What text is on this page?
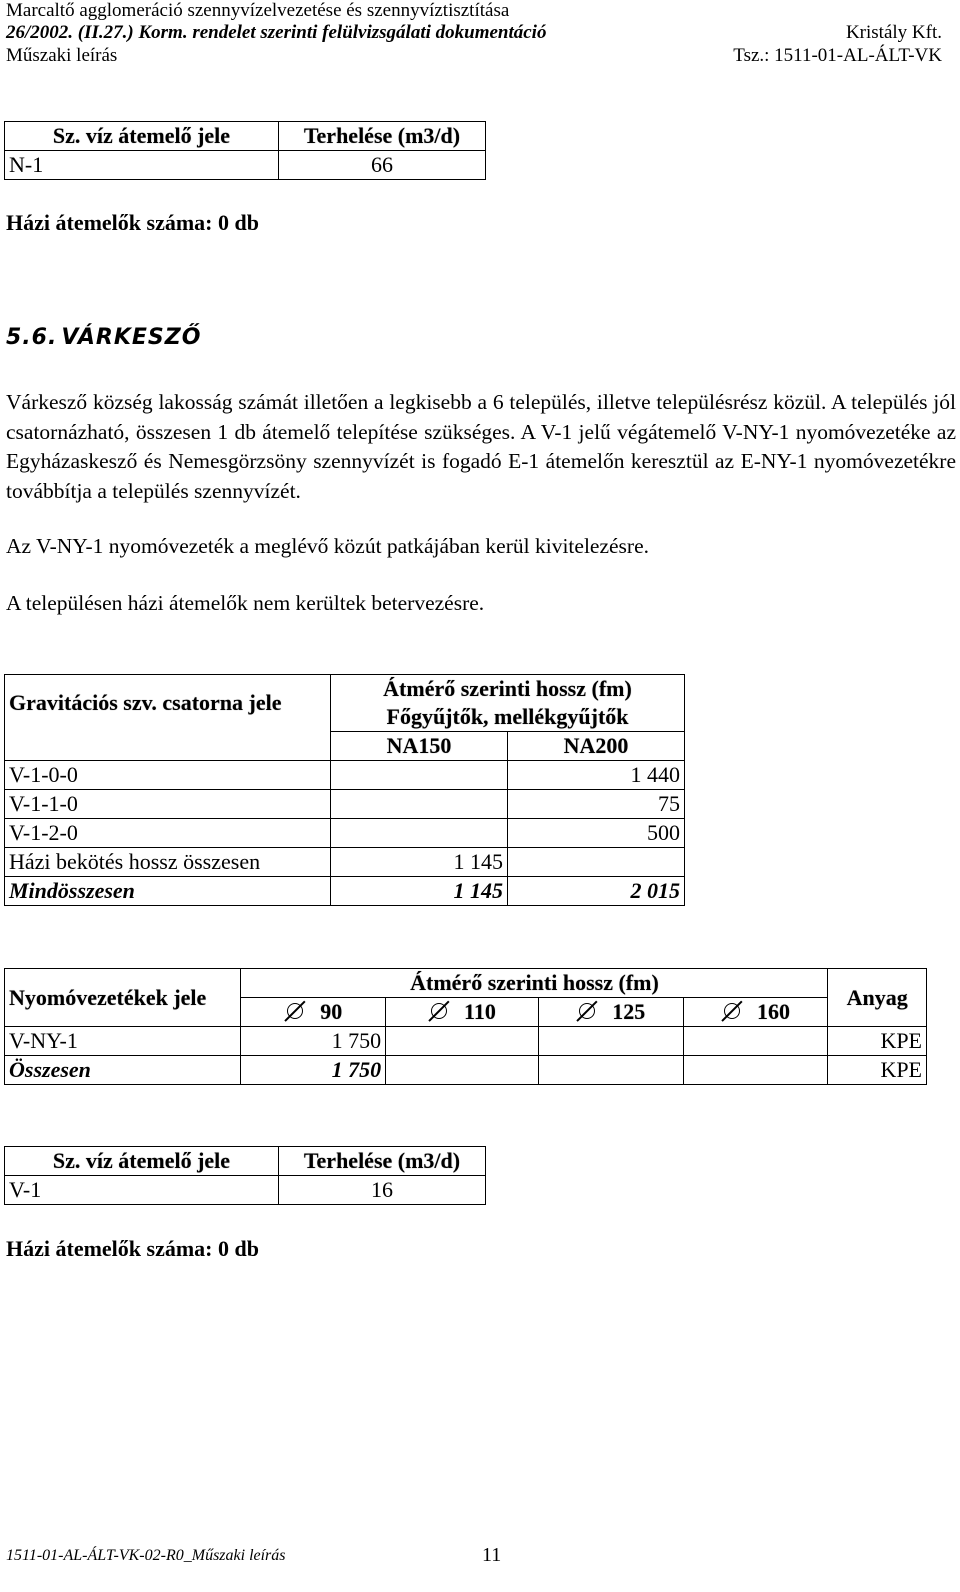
Marcaltő agglomeráció szennyvízelvezetése és szennyvíztisztítása
26/2002. (II.27.) Korm. rendelet szerinti felülvizsgálati dokumentáció	Kristály Kft.
Műszaki leírás	Tsz.: 1511-01-AL-ÁLT-VK
Sz. víz átemelő jele	Terhelése (m3/d)
N-1	66
Házi átemelők száma: 0 db
5.6. VÁRKESZŐ
Várkesző község lakosság számát illetően a legkisebb a 6 település, illetve településrész közül. A település jól csatornázható, összesen 1 db átemelő telepítése szükséges. A V-1 jelű végátemelő V-NY-1 nyomóvezetéke az Egyházaskesző és Nemesgörzsöny szennyvízét is fogadó E-1 átemelőn keresztül az E-NY-1 nyomóvezetékre továbbítja a település szennyvízét.
Az V-NY-1 nyomóvezeték a meglévő közút patkájában kerül kivitelezésre.
A településen házi átemelők nem kerültek betervezésre.
Gravitációs szv. csatorna jele	Átmérő szerinti hossz (fm)
Főgyűjtők, mellékgyűjtők	

	NA150	NA200
V-1-0-0		1 440
V-1-1-0		75
V-1-2-0		500
Házi bekötés hossz összesen	1 145	
Mindösszesen	1 145	2 015
Nyomóvezetékek jele	Átmérő szerinti hossz (fm)				Anyag
	90	110	125	160	
V-NY-1	1 750				KPE
Összesen	1 750				KPE
Sz. víz átemelő jele	Terhelése (m3/d)
V-1	16
Házi átemelők száma: 0 db
1511-01-AL-ÁLT-VK-02-R0_Műszaki leírás	11
